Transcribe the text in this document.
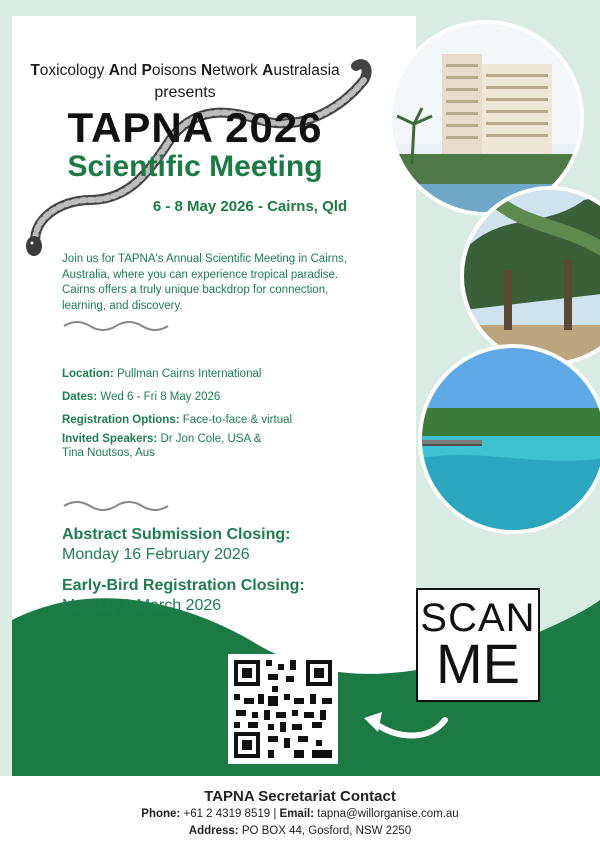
Toxicology And Poisons Network Australasia
presents
TAPNA 2026
Scientific Meeting
6 - 8 May 2026 - Cairns, Qld
Join us for TAPNA's Annual Scientific Meeting in Cairns, Australia, where you can experience tropical paradise. Cairns offers a truly unique backdrop for connection, learning, and discovery.
Location: Pullman Cairns International
Dates: Wed 6 - Fri 8 May 2026
Registration Options: Face-to-face & virtual
Invited Speakers: Dr Jon Cole, USA &
Tina Noutsos, Aus
Abstract Submission Closing:
Monday 16 February 2026
Early-Bird Registration Closing:
Monday 9 March 2026	SCAN
ME
TAPNA Secretariat Contact
Phone: +61 2 4319 8519 | Email: tapna@willorganise.com.au
Address: PO BOX 44, Gosford, NSW 2250
